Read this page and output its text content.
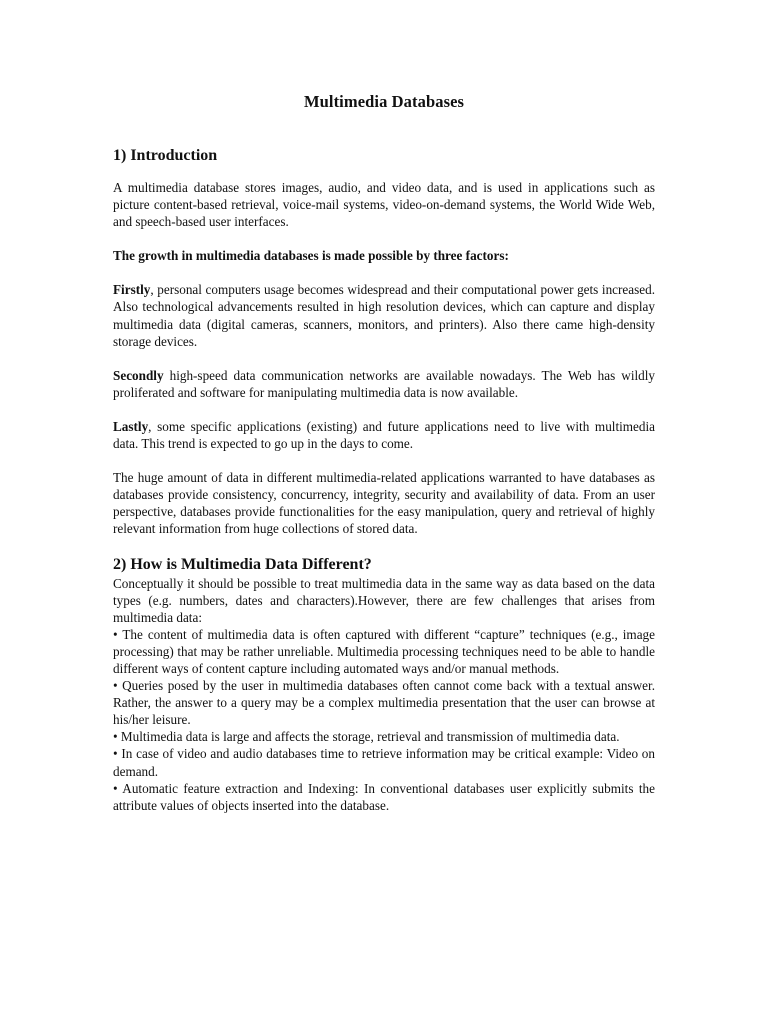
Multimedia Databases
1) Introduction

A multimedia database stores images, audio, and video data, and is used in applications such as picture content-based retrieval, voice-mail systems, video-on-demand systems, the World Wide Web, and speech-based user interfaces.

The growth in multimedia databases is made possible by three factors:

Firstly, personal computers usage becomes widespread and their computational power gets increased. Also technological advancements resulted in high resolution devices, which can capture and display multimedia data (digital cameras, scanners, monitors, and printers). Also there came high-density storage devices.

Secondly high-speed data communication networks are available nowadays. The Web has wildly proliferated and software for manipulating multimedia data is now available.

Lastly, some specific applications (existing) and future applications need to live with multimedia data. This trend is expected to go up in the days to come.

The huge amount of data in different multimedia-related applications warranted to have databases as databases provide consistency, concurrency, integrity, security and availability of data. From an user perspective, databases provide functionalities for the easy manipulation, query and retrieval of highly relevant information from huge collections of stored data.

2) How is Multimedia Data Different?

Conceptually it should be possible to treat multimedia data in the same way as data based on the data types (e.g. numbers, dates and characters).However, there are few challenges that arises from multimedia data:

• The content of multimedia data is often captured with different “capture” techniques (e.g., image processing) that may be rather unreliable. Multimedia processing techniques need to be able to handle different ways of content capture including automated ways and/or manual methods.

• Queries posed by the user in multimedia databases often cannot come back with a textual answer. Rather, the answer to a query may be a complex multimedia presentation that the user can browse at his/her leisure.

• Multimedia data is large and affects the storage, retrieval and transmission of multimedia data.

• In case of video and audio databases time to retrieve information may be critical example: Video on demand.

• Automatic feature extraction and Indexing: In conventional databases user explicitly submits the attribute values of objects inserted into the database.
